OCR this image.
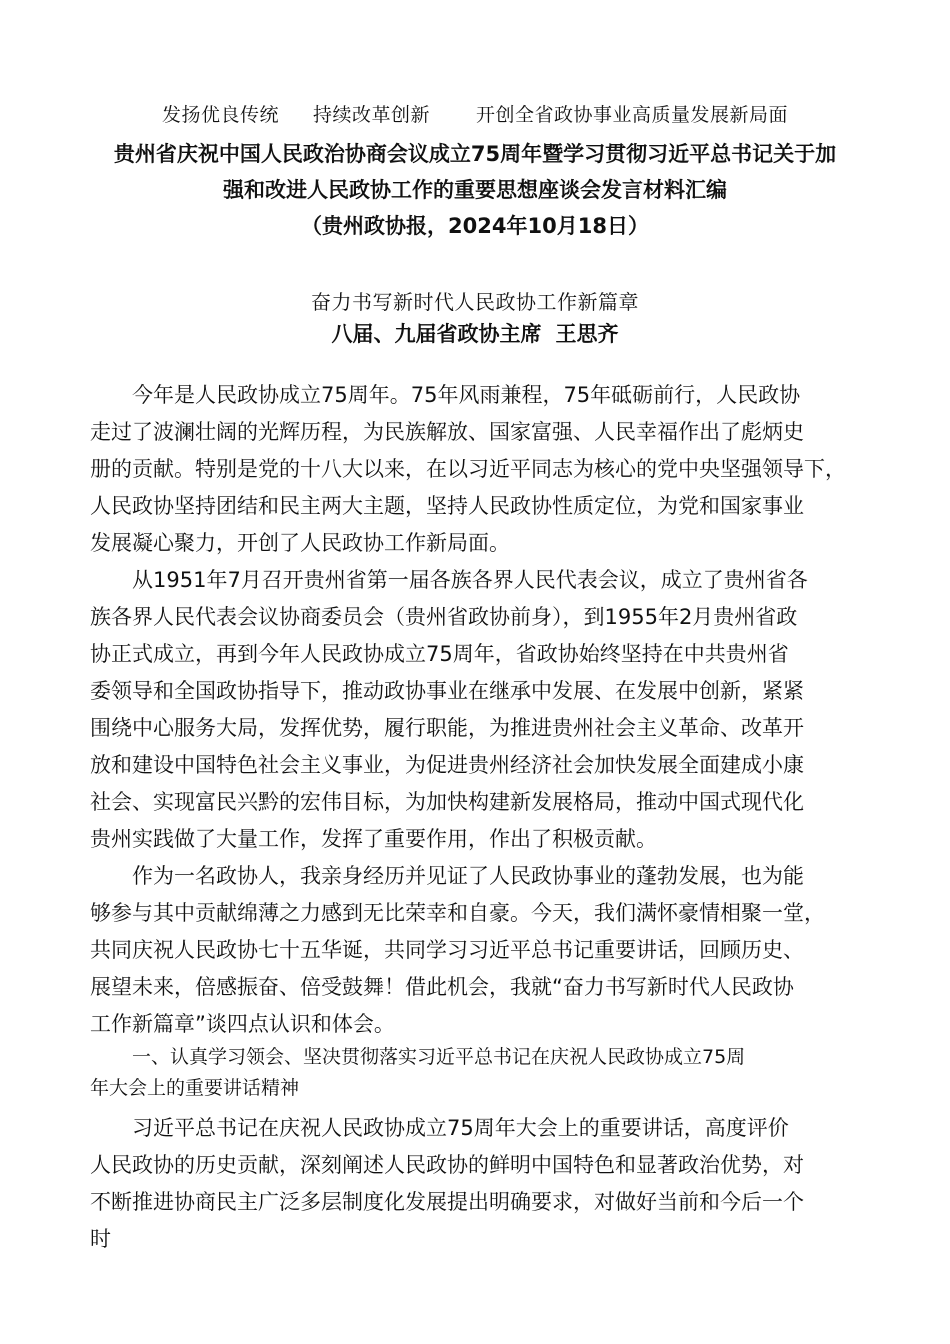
发扬优良传统 持续改革创新 开创全省政协事业高质量发展新局面
贵州省庆祝中国人民政治协商会议成立75周年暨学习贯彻习近平总书记关于加
强和改进人民政协工作的重要思想座谈会发言材料汇编
（贵州政协报，2024年10月18日）
奋力书写新时代人民政协工作新篇章
八届、九届省政协主席 王思齐
今年是人民政协成立75周年。75年风雨兼程，75年砥砺前行，人民政协
走过了波澜壮阔的光辉历程，为民族解放、国家富强、人民幸福作出了彪炳史
册的贡献。特别是党的十八大以来，在以习近平同志为核心的党中央坚强领导下，
人民政协坚持团结和民主两大主题，坚持人民政协性质定位，为党和国家事业
发展凝心聚力，开创了人民政协工作新局面。
从1951年7月召开贵州省第一届各族各界人民代表会议，成立了贵州省各
族各界人民代表会议协商委员会（贵州省政协前身），到1955年2月贵州省政
协正式成立，再到今年人民政协成立75周年，省政协始终坚持在中共贵州省
委领导和全国政协指导下，推动政协事业在继承中发展、在发展中创新，紧紧
围绕中心服务大局，发挥优势，履行职能，为推进贵州社会主义革命、改革开
放和建设中国特色社会主义事业，为促进贵州经济社会加快发展全面建成小康
社会、实现富民兴黔的宏伟目标，为加快构建新发展格局，推动中国式现代化
贵州实践做了大量工作，发挥了重要作用，作出了积极贡献。
作为一名政协人，我亲身经历并见证了人民政协事业的蓬勃发展，也为能
够参与其中贡献绵薄之力感到无比荣幸和自豪。今天，我们满怀豪情相聚一堂，
共同庆祝人民政协七十五华诞，共同学习习近平总书记重要讲话，回顾历史、
展望未来，倍感振奋、倍受鼓舞！借此机会，我就“奋力书写新时代人民政协
工作新篇章”谈四点认识和体会。
一、认真学习领会、坚决贯彻落实习近平总书记在庆祝人民政协成立75周
年大会上的重要讲话精神
习近平总书记在庆祝人民政协成立75周年大会上的重要讲话，高度评价
人民政协的历史贡献，深刻阐述人民政协的鲜明中国特色和显著政治优势，对
不断推进协商民主广泛多层制度化发展提出明确要求，对做好当前和今后一个
时
